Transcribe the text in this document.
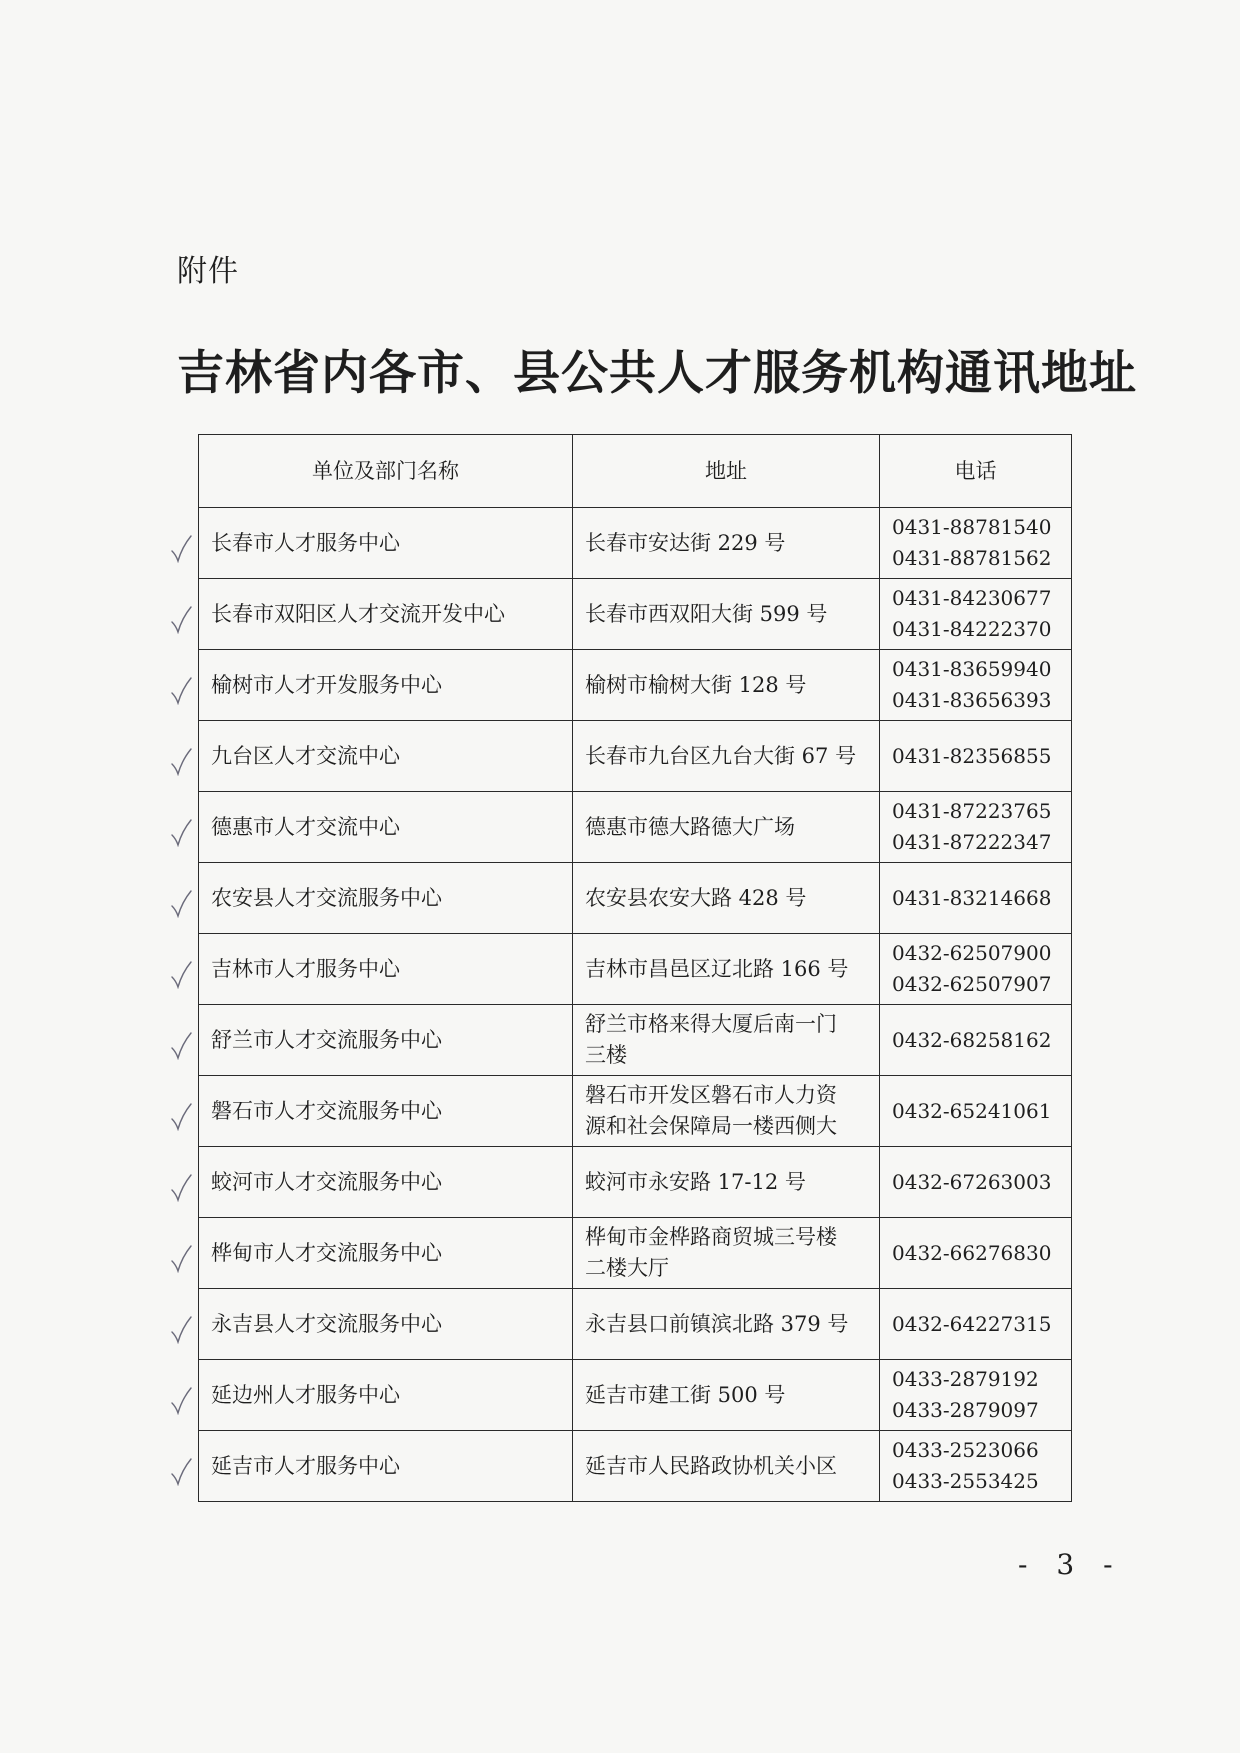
附件
吉林省内各市、县公共人才服务机构通讯地址
单位及部门名称	地址	电话
长春市人才服务中心	长春市安达街 229 号	0431-88781540
0431-88781562

长春市双阳区人才交流开发中心	长春市西双阳大街 599 号	0431-84230677
0431-84222370

榆树市人才开发服务中心	榆树市榆树大街 128 号	0431-83659940
0431-83656393

九台区人才交流中心	长春市九台区九台大街 67 号	0431-82356855

德惠市人才交流中心	德惠市德大路德大广场	0431-87223765
0431-87222347

农安县人才交流服务中心	农安县农安大路 428 号	0431-83214668

吉林市人才服务中心	吉林市昌邑区辽北路 166 号	0432-62507900
0432-62507907

舒兰市人才交流服务中心	舒兰市格来得大厦后南一门
三楼	0432-68258162

磐石市人才交流服务中心	磐石市开发区磐石市人力资
源和社会保障局一楼西侧大	0432-65241061

蛟河市人才交流服务中心	蛟河市永安路 17-12 号	0432-67263003

桦甸市人才交流服务中心	桦甸市金桦路商贸城三号楼
二楼大厅	0432-66276830

永吉县人才交流服务中心	永吉县口前镇滨北路 379 号	0432-64227315

延边州人才服务中心	延吉市建工街 500 号	0433-2879192
0433-2879097

延吉市人才服务中心	延吉市人民路政协机关小区	0433-2523066
0433-2553425
- 3 -
